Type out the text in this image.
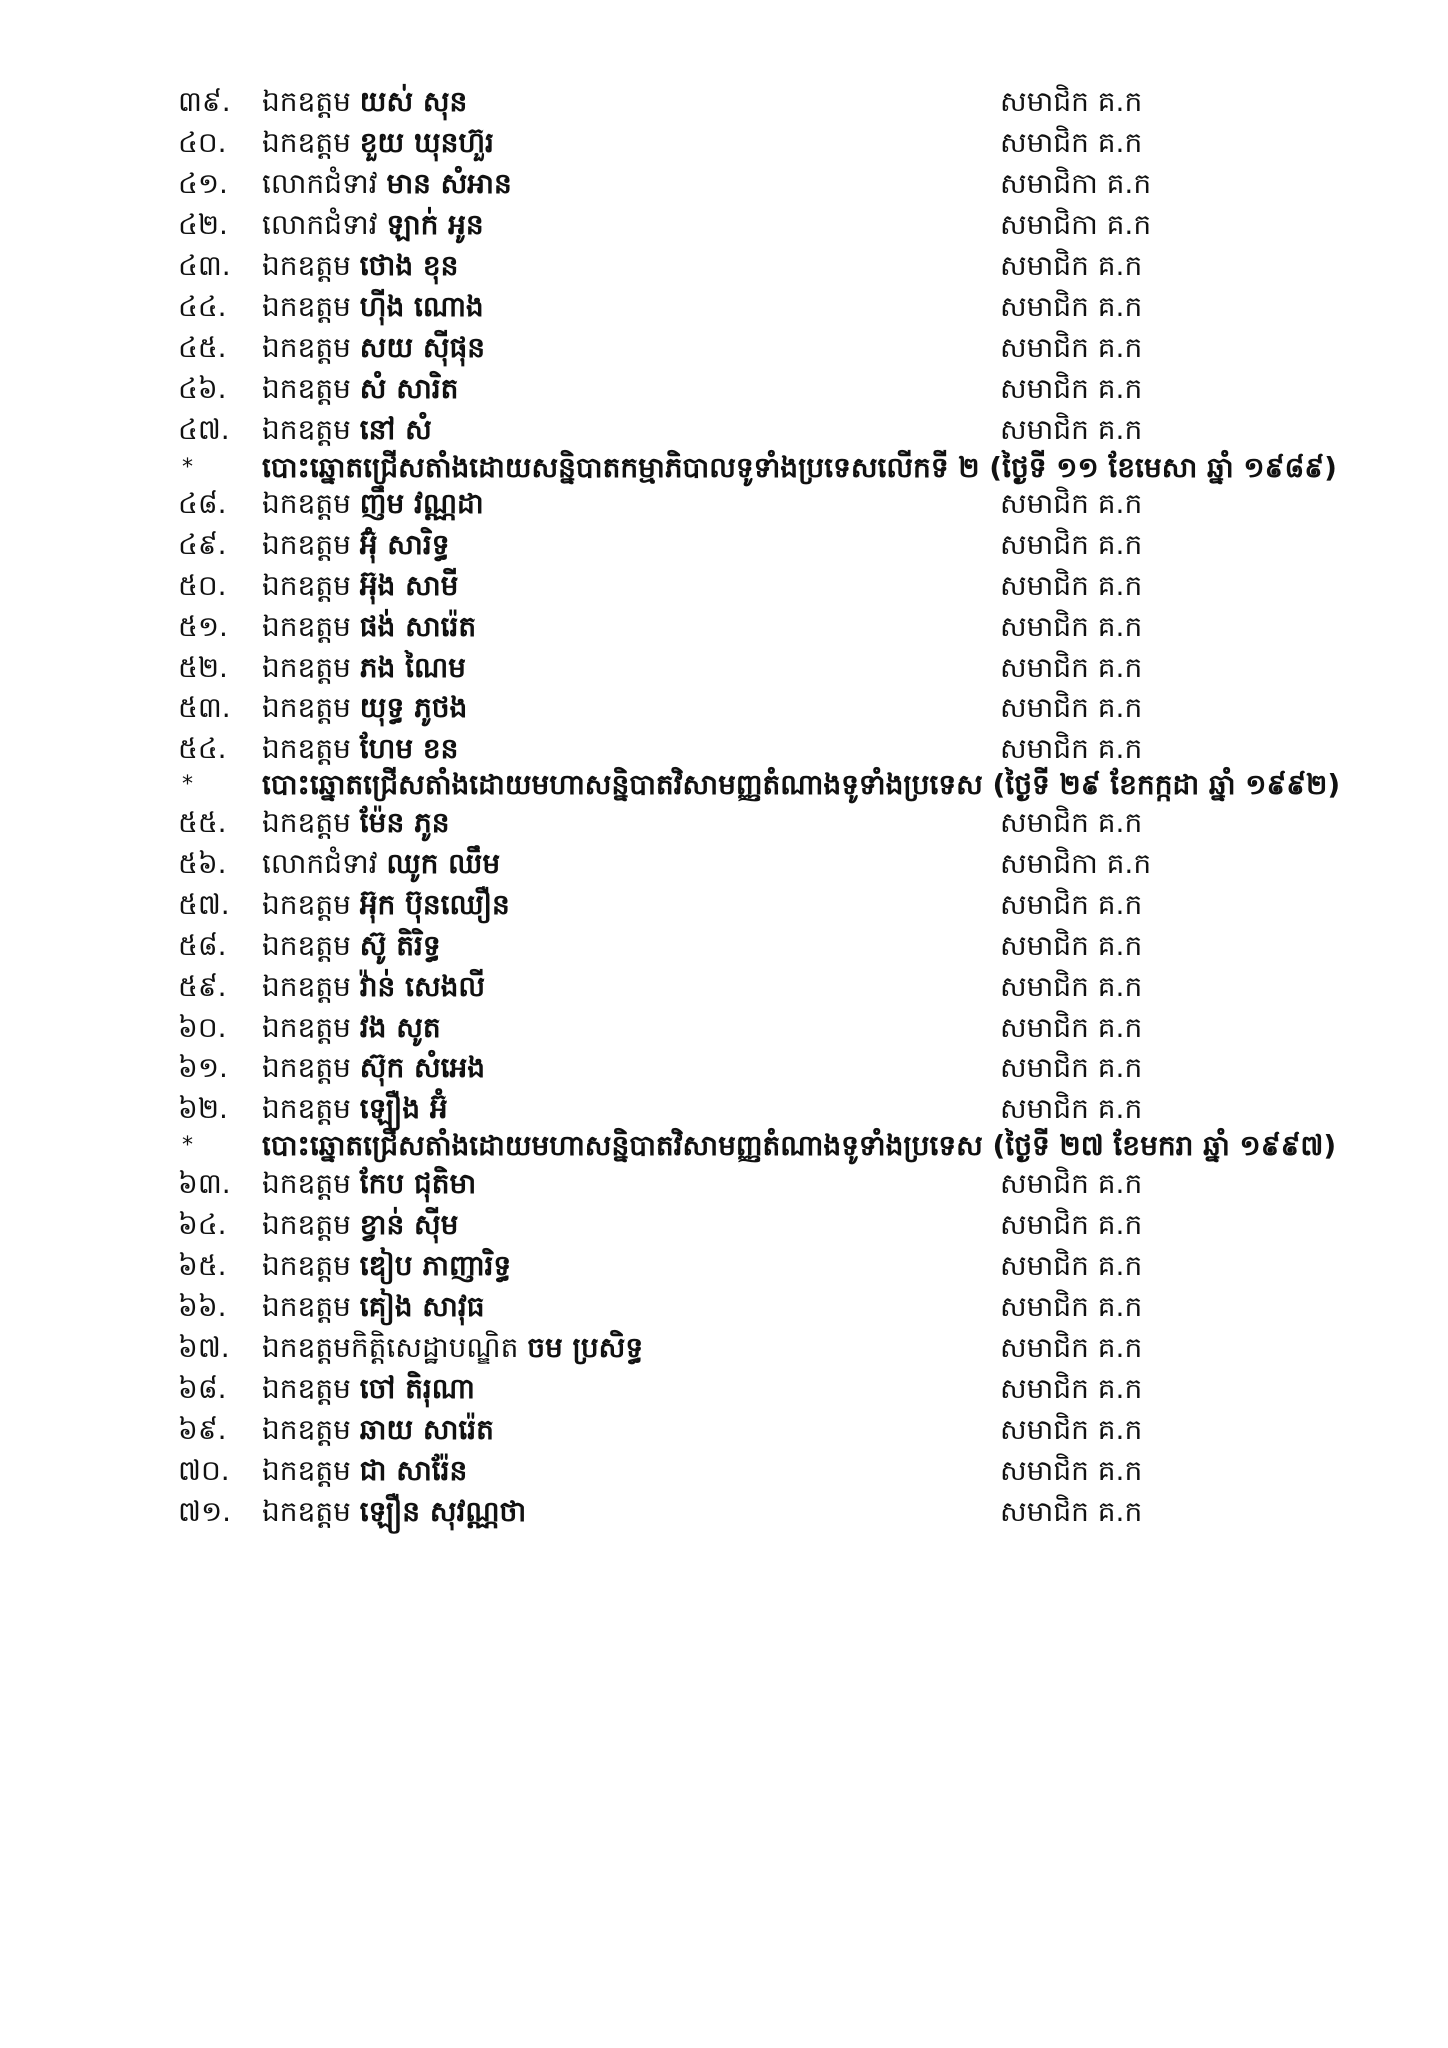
៣៩.	ឯកឧត្តម យស់ សុន	សមាជិក គ.ក
៤០.	ឯកឧត្តម ខួយ ឃុនហ៊ួរ	សមាជិក គ.ក
៤១.	លោកជំទាវ មាន សំអាន	សមាជិកា គ.ក
៤២.	លោកជំទាវ ឡាក់ អូន	សមាជិកា គ.ក
៤៣.	ឯកឧត្តម ថោង ខុន	សមាជិក គ.ក
៤៤.	ឯកឧត្តម ហ៊ីង ណោង	សមាជិក គ.ក
៤៥.	ឯកឧត្តម សយ ស៊ីផុន	សមាជិក គ.ក
៤៦.	ឯកឧត្តម សំ សារិត	សមាជិក គ.ក
៤៧.	ឯកឧត្តម នៅ សំ	សមាជិក គ.ក
* បោះឆ្នោតជ្រើសតាំងដោយសន្និបាតកម្មាភិបាលទូទាំងប្រទេសលើកទី ២ (ថ្ងៃទី ១១ ខែមេសា ឆ្នាំ ១៩៨៩)
៤៨.	ឯកឧត្តម ញឹម វណ្ណដា	សមាជិក គ.ក
៤៩.	ឯកឧត្តម អ៊ុំ សារិទ្ធ	សមាជិក គ.ក
៥០.	ឯកឧត្តម អ៊ុង សាមី	សមាជិក គ.ក
៥១.	ឯកឧត្តម ផង់ សារ៉េត	សមាជិក គ.ក
៥២.	ឯកឧត្តម ភង ណៃម	សមាជិក គ.ក
៥៣.	ឯកឧត្តម យុទ្ធ ភូថង	សមាជិក គ.ក
៥៤.	ឯកឧត្តម ហែម ខន	សមាជិក គ.ក
* បោះឆ្នោតជ្រើសតាំងដោយមហាសន្និបាតវិសាមញ្ញតំណាងទូទាំងប្រទេស (ថ្ងៃទី ២៩ ខែកក្កដា ឆ្នាំ ១៩៩២)
៥៥.	ឯកឧត្តម ម៉ែន ភូន	សមាជិក គ.ក
៥៦.	លោកជំទាវ ឈូក ឈឹម	សមាជិកា គ.ក
៥៧.	ឯកឧត្តម អ៊ុក ប៊ុនឈឿន	សមាជិក គ.ក
៥៨.	ឯកឧត្តម ស៊ូ តិរិទ្ធ	សមាជិក គ.ក
៥៩.	ឯកឧត្តម វ៉ាន់ សេងលី	សមាជិក គ.ក
៦០.	ឯកឧត្តម វង សូត	សមាជិក គ.ក
៦១.	ឯកឧត្តម ស៊ុក សំអេង	សមាជិក គ.ក
៦២.	ឯកឧត្តម ឡឿង អ៊ំ	សមាជិក គ.ក
* បោះឆ្នោតជ្រើសតាំងដោយមហាសន្និបាតវិសាមញ្ញតំណាងទូទាំងប្រទេស (ថ្ងៃទី ២៧ ខែមករា ឆ្នាំ ១៩៩៧)
៦៣.	ឯកឧត្តម កែប ជុតិមា	សមាជិក គ.ក
៦៤.	ឯកឧត្តម ខ្វាន់ ស៊ីម	សមាជិក គ.ក
៦៥.	ឯកឧត្តម ឌៀប ភាញារិទ្ធ	សមាជិក គ.ក
៦៦.	ឯកឧត្តម គៀង សាវុធ	សមាជិក គ.ក
៦៧.	ឯកឧត្តមកិត្តិសេដ្ឋាបណ្ឌិត ចម ប្រសិទ្ធ	សមាជិក គ.ក
៦៨.	ឯកឧត្តម ចៅ តិរុណា	សមាជិក គ.ក
៦៩.	ឯកឧត្តម ឆាយ សារ៉េត	សមាជិក គ.ក
៧០.	ឯកឧត្តម ជា សារ៉ែន	សមាជិក គ.ក
៧១.	ឯកឧត្តម ឡឿន សុវណ្ណថា	សមាជិក គ.ក
